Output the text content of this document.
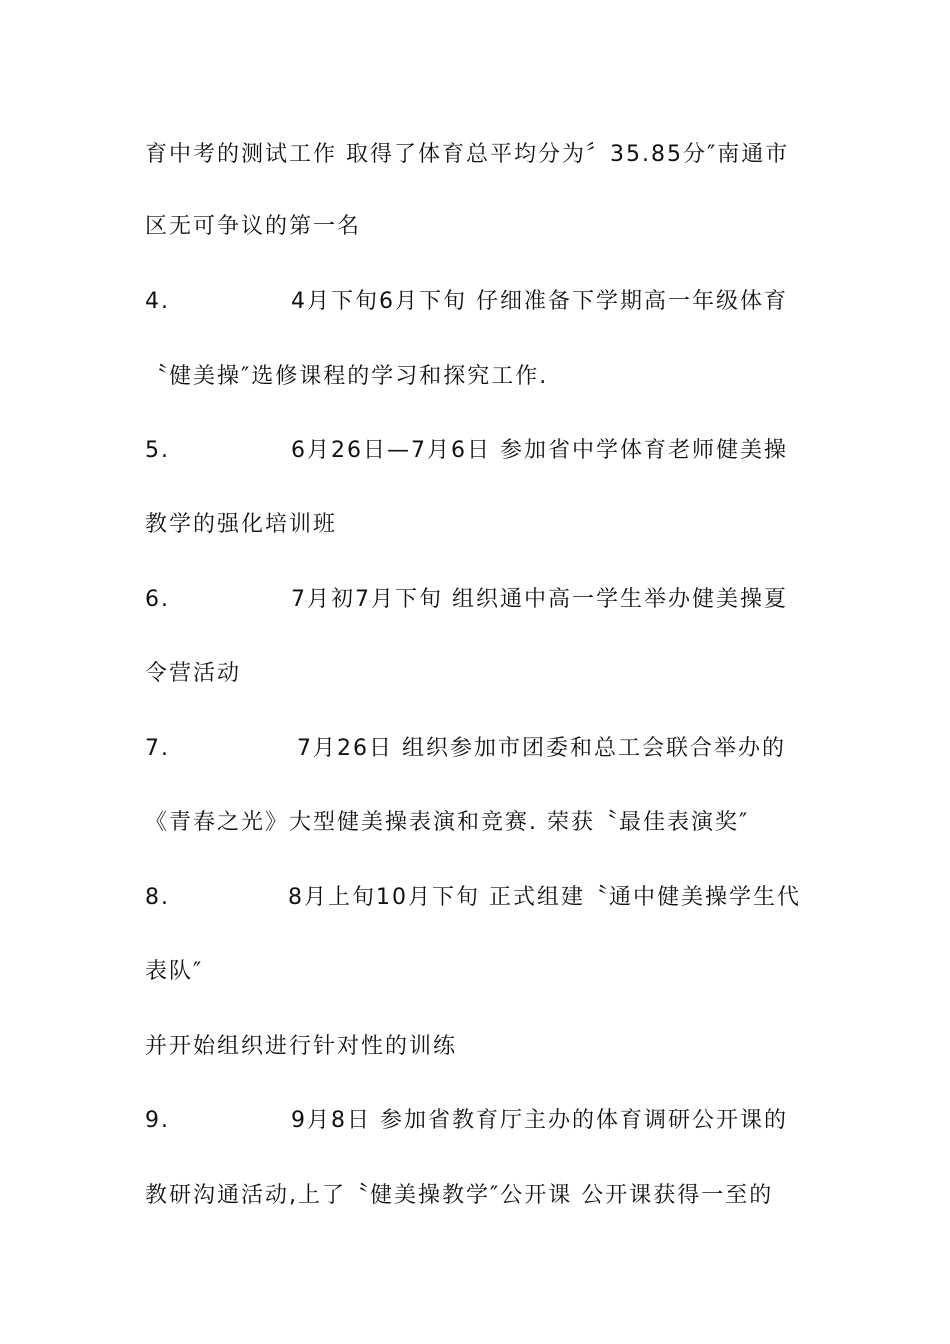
育中考的测试工作 取得了体育总平均分为〞35.85分″南通市
区无可争议的第一名
4.	4月下旬6月下旬 仔细准备下学期高一年级体育
〝健美操″选修课程的学习和探究工作.
5.	6月26日—7月6日 参加省中学体育老师健美操
教学的强化培训班
6.	7月初7月下旬 组织通中高一学生举办健美操夏
令营活动
7.	7月26日 组织参加市团委和总工会联合举办的
《青春之光》大型健美操表演和竞赛. 荣获〝最佳表演奖″
8.	8月上旬10月下旬 正式组建〝通中健美操学生代
表队″
并开始组织进行针对性的训练
9.	9月8日 参加省教育厅主办的体育调研公开课的
教研沟通活动,上了〝健美操教学″公开课 公开课获得一至的
